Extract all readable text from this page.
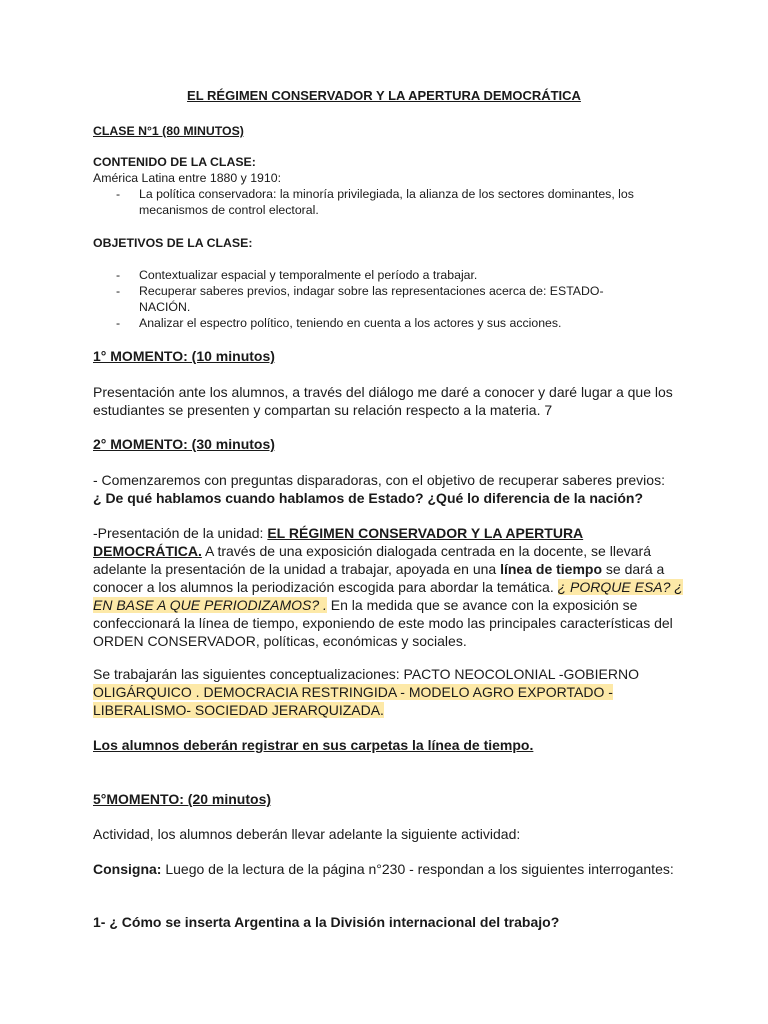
EL RÉGIMEN CONSERVADOR Y LA APERTURA DEMOCRÁTICA
CLASE N°1 (80 MINUTOS)
CONTENIDO DE LA CLASE:
América Latina entre 1880 y 1910:
- La política conservadora: la minoría privilegiada, la alianza de los sectores dominantes, los mecanismos de control electoral.
OBJETIVOS DE LA CLASE:
- Contextualizar espacial y temporalmente el período a trabajar.
- Recuperar saberes previos, indagar sobre las representaciones acerca de: ESTADO-NACIÓN.
- Analizar el espectro político, teniendo en cuenta a los actores y sus acciones.
1° MOMENTO: (10 minutos)

Presentación ante los alumnos, a través del diálogo me daré a conocer y daré lugar a que los estudiantes se presenten y compartan su relación respecto a la materia. 7

2° MOMENTO: (30 minutos)

- Comenzaremos con preguntas disparadoras, con el objetivo de recuperar saberes previos:

¿ De qué hablamos cuando hablamos de Estado? ¿Qué lo diferencia de la nación?

-Presentación de la unidad: EL RÉGIMEN CONSERVADOR Y LA APERTURA DEMOCRÁTICA. A través de una exposición dialogada centrada en la docente, se llevará adelante la presentación de la unidad a trabajar, apoyada en una línea de tiempo se dará a conocer a los alumnos la periodización escogida para abordar la temática. ¿ PORQUE ESA? ¿ EN BASE A QUE PERIODIZAMOS? . En la medida que se avance con la exposición se confeccionará la línea de tiempo, exponiendo de este modo las principales características del ORDEN CONSERVADOR, políticas, económicas y sociales.

Se trabajarán las siguientes conceptualizaciones: PACTO NEOCOLONIAL -GOBIERNO OLIGÁRQUICO . DEMOCRACIA RESTRINGIDA - MODELO AGRO EXPORTADO - LIBERALISMO- SOCIEDAD JERARQUIZADA.

Los alumnos deberán registrar en sus carpetas la línea de tiempo.

5°MOMENTO: (20 minutos)

Actividad, los alumnos deberán llevar adelante la siguiente actividad:

Consigna: Luego de la lectura de la página n°230 - respondan a los siguientes interrogantes:

1- ¿ Cómo se inserta Argentina a la División internacional del trabajo?
